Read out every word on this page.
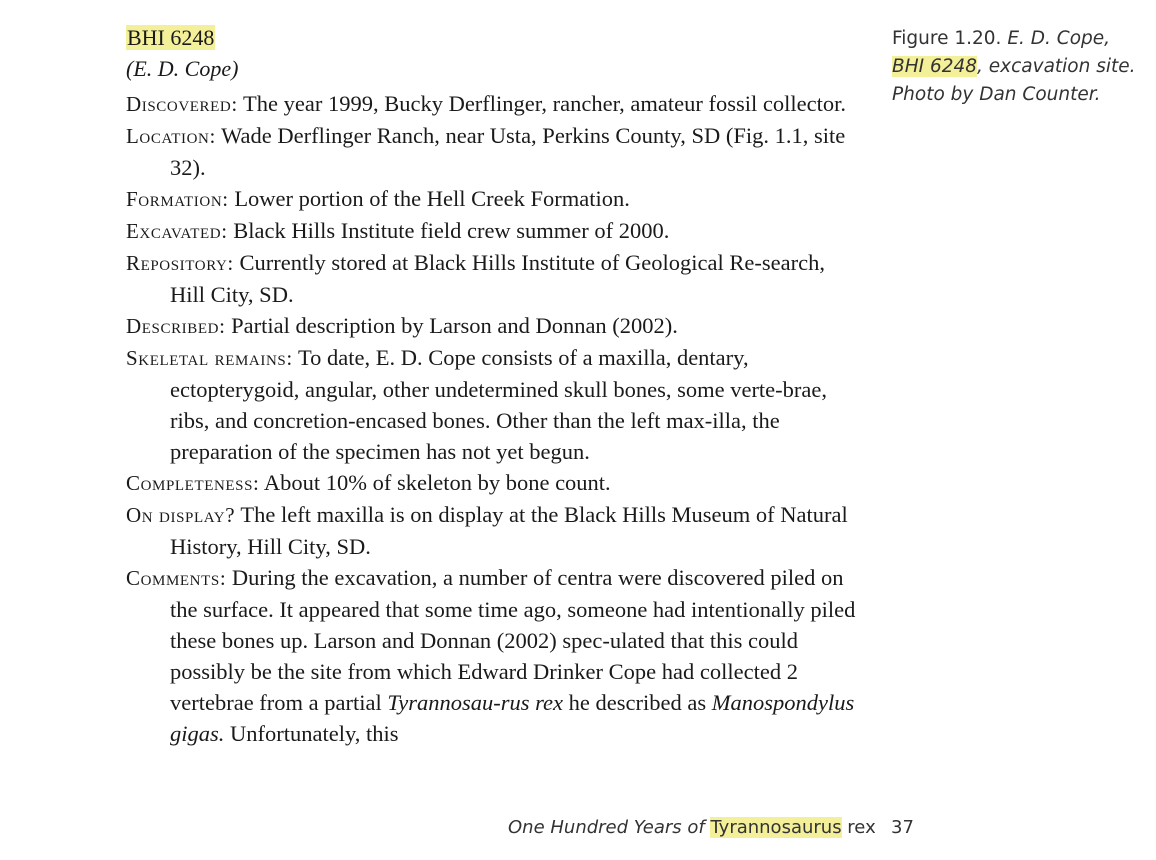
BHI 6248
(E. D. Cope)

Discovered: The year 1999, Bucky Derflinger, rancher, amateur fossil collector.

Location: Wade Derflinger Ranch, near Usta, Perkins County, SD (Fig. 1.1, site 32).

Formation: Lower portion of the Hell Creek Formation.

Excavated: Black Hills Institute field crew summer of 2000.

Repository: Currently stored at Black Hills Institute of Geological Re-search, Hill City, SD.

Described: Partial description by Larson and Donnan (2002).

Skeletal remains: To date, E. D. Cope consists of a maxilla, dentary, ectopterygoid, angular, other undetermined skull bones, some verte-brae, ribs, and concretion-encased bones. Other than the left max-illa, the preparation of the specimen has not yet begun.

Completeness: About 10% of skeleton by bone count.

On display? The left maxilla is on display at the Black Hills Museum of Natural History, Hill City, SD.

Comments: During the excavation, a number of centra were discovered piled on the surface. It appeared that some time ago, someone had intentionally piled these bones up. Larson and Donnan (2002) spec-ulated that this could possibly be the site from which Edward Drinker Cope had collected 2 vertebrae from a partial Tyrannosau-rus rex he described as Manospondylus gigas. Unfortunately, this

Figure 1.20. E. D. Cope, BHI 6248, excavation site. Photo by Dan Counter.
One Hundred Years of Tyrannosaurus rex 37
